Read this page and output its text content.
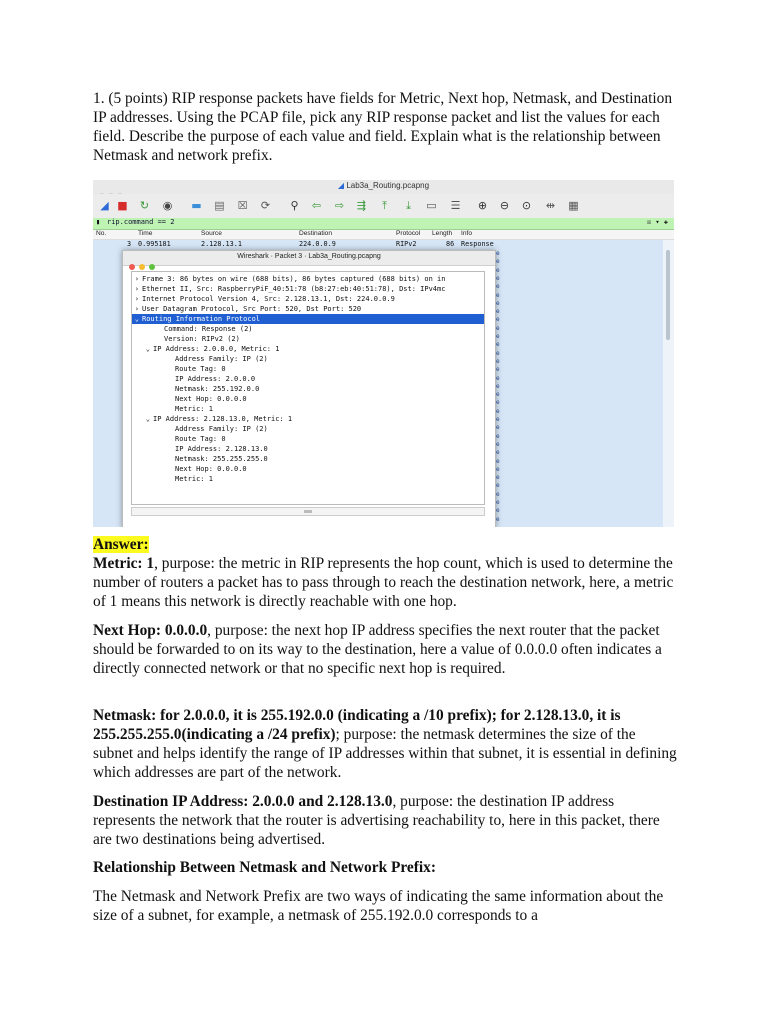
1. (5 points) RIP response packets have fields for Metric, Next hop, Netmask, and Destination IP addresses. Using the PCAP file, pick any RIP response packet and list the values for each field. Describe the purpose of each value and field. Explain what is the relationship between Netmask and network prefix.
◢ Lab3a_Routing.pcapng
◢ ■ ↻ ◉ ▬ ▤ ☒ ⟳ ⚲ ⇦ ⇨ ⇶	⤒	⤓	▭ ☰ ⊕ ⊖ ⊙ ⇹ ▦
▮ rip.command == 2	☒ ▾ ✚
No.	Time	Source	Destination	Protocol Length Info
3 0.995181	2.128.13.1	224.0.0.9	RIPv2	86 Response
e
e
e
e
e
e
e
e
e
e
e
e
e
e
e
e
e
e
e
e
e
e
e
e
e
e
e
e
e
e
e
e
e
Wireshark · Packet 3 · Lab3a_Routing.pcapng
› Frame 3: 86 bytes on wire (688 bits), 86 bytes captured (688 bits) on in
› Ethernet II, Src: RaspberryPiF_40:51:78 (b8:27:eb:40:51:78), Dst: IPv4mc
› Internet Protocol Version 4, Src: 2.128.13.1, Dst: 224.0.0.9
› User Datagram Protocol, Src Port: 520, Dst Port: 520
⌄ Routing Information Protocol
Command: Response (2)
Version: RIPv2 (2)
⌄ IP Address: 2.0.0.0, Metric: 1
Address Family: IP (2)
Route Tag: 0
IP Address: 2.0.0.0
Netmask: 255.192.0.0
Next Hop: 0.0.0.0
Metric: 1
⌄ IP Address: 2.128.13.0, Metric: 1
Address Family: IP (2)
Route Tag: 0
IP Address: 2.128.13.0
Netmask: 255.255.255.0
Next Hop: 0.0.0.0
Metric: 1
Answer:
Metric: 1, purpose: the metric in RIP represents the hop count, which is used to determine the number of routers a packet has to pass through to reach the destination network, here, a metric of 1 means this network is directly reachable with one hop.
Next Hop: 0.0.0.0, purpose: the next hop IP address specifies the next router that the packet should be forwarded to on its way to the destination, here a value of 0.0.0.0 often indicates a directly connected network or that no specific next hop is required.
Netmask: for 2.0.0.0, it is 255.192.0.0 (indicating a /10 prefix); for 2.128.13.0, it is 255.255.255.0(indicating a /24 prefix); purpose: the netmask determines the size of the subnet and helps identify the range of IP addresses within that subnet, it is essential in defining which addresses are part of the network.
Destination IP Address: 2.0.0.0 and 2.128.13.0, purpose: the destination IP address represents the network that the router is advertising reachability to, here in this packet, there are two destinations being advertised.
Relationship Between Netmask and Network Prefix:
The Netmask and Network Prefix are two ways of indicating the same information about the size of a subnet, for example, a netmask of 255.192.0.0 corresponds to a
